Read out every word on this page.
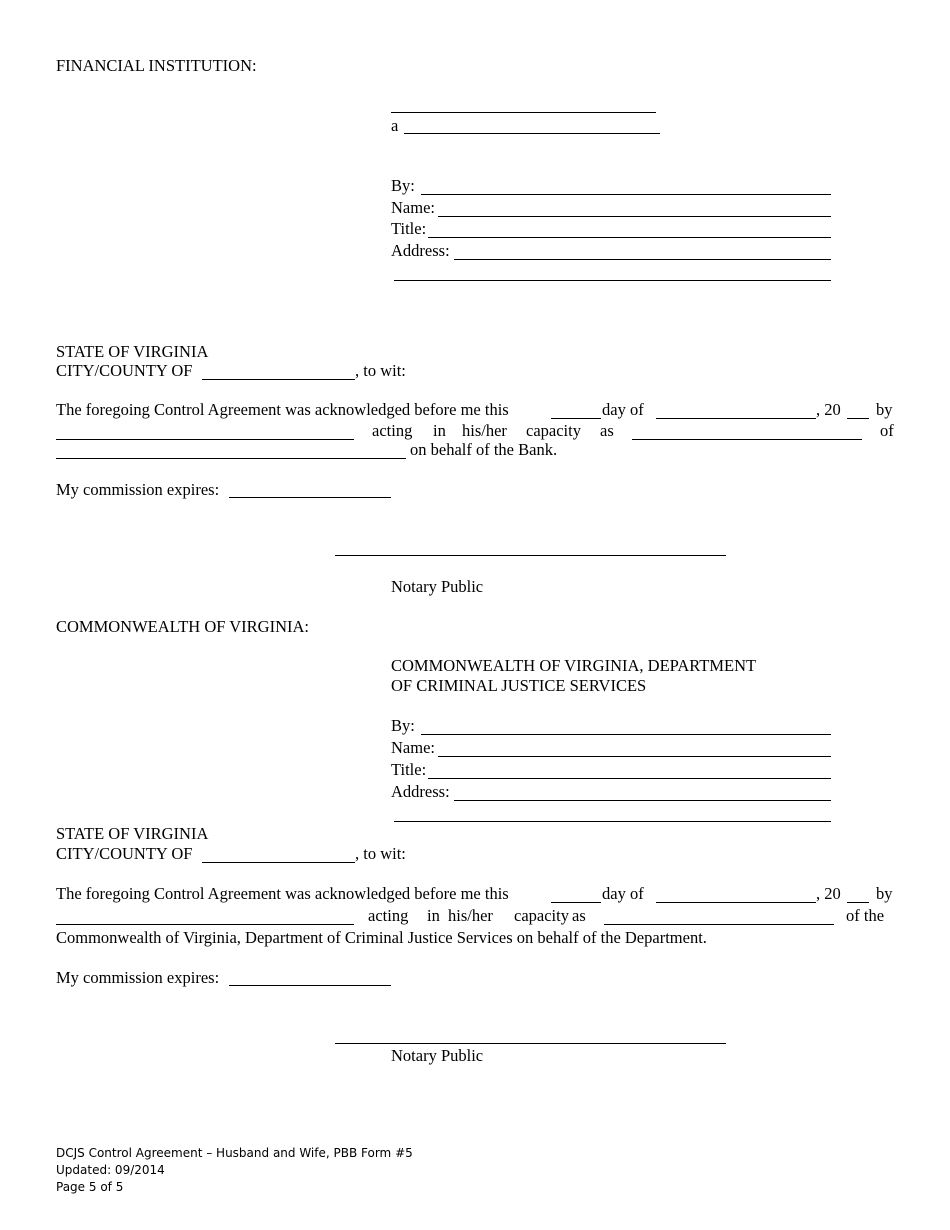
FINANCIAL INSTITUTION:
a
By:
Name:
Title:
Address:
STATE OF VIRGINIA
CITY/COUNTY OF	, to wit:
The foregoing Control Agreement was acknowledged before me this	day of	, 20 by
acting in his/her capacity as	of
on behalf of the Bank.
My commission expires:
Notary Public
COMMONWEALTH OF VIRGINIA:
COMMONWEALTH OF VIRGINIA, DEPARTMENT
OF CRIMINAL JUSTICE SERVICES
By:
Name:
Title:
Address:
STATE OF VIRGINIA
CITY/COUNTY OF	, to wit:
The foregoing Control Agreement was acknowledged before me this	day of	, 20 by
acting in his/her capacity as	of the
Commonwealth of Virginia, Department of Criminal Justice Services on behalf of the Department.
My commission expires:
Notary Public
DCJS Control Agreement – Husband and Wife, PBB Form #5
Updated: 09/2014
Page 5 of 5
